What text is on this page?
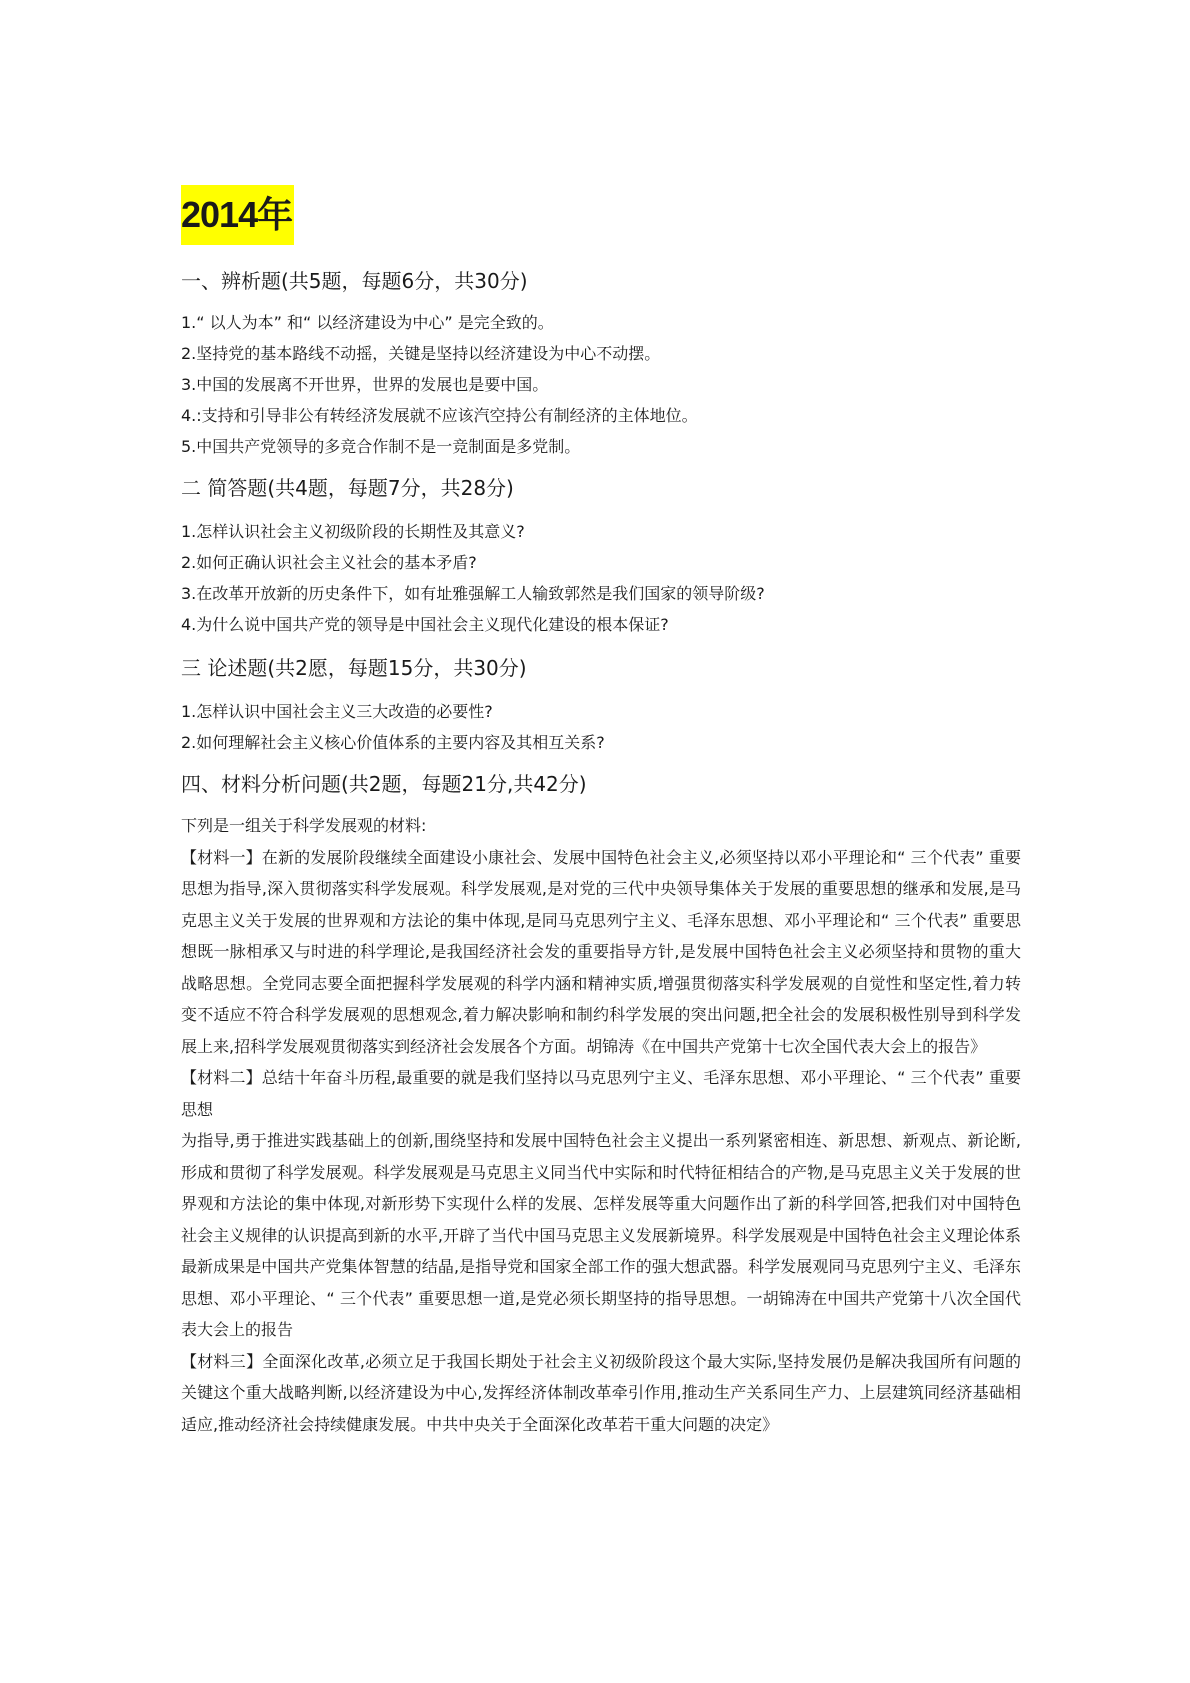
2014年
一、辨析题(共5题，每题6分，共30分)
1.“ 以人为本” 和“ 以经济建设为中心” 是完全致的。
2.坚持党的基本路线不动摇，关键是坚持以经济建设为中心不动摆。
3.中国的发展离不开世界，世界的发展也是要中国。
4.:支持和引导非公有转经济发展就不应该汽空持公有制经济的主体地位。
5.中国共产党领导的多竞合作制不是一竞制面是多党制。
二 简答题(共4题，每题7分，共28分)
1.怎样认识社会主义初级阶段的长期性及其意义?
2.如何正确认识社会主义社会的基本矛盾?
3.在改革开放新的历史条件下，如有址雅强解工人输致郭然是我们国家的领导阶级?
4.为什么说中国共产党的领导是中国社会主义现代化建设的根本保证?
三 论述题(共2愿，每题15分，共30分)
1.怎样认识中国社会主义三大改造的必要性?
2.如何理解社会主义核心价值体系的主要内容及其相互关系?
四、材料分析问题(共2题，每题21分,共42分)

下列是一组关于科学发展观的材料:

【材料一】在新的发展阶段继续全面建设小康社会、发展中国特色社会主义,必须坚持以邓小平理论和“ 三个代表” 重要思想为指导,深入贯彻落实科学发展观。科学发展观,是对党的三代中央领导集体关于发展的重要思想的继承和发展,是马克思主义关于发展的世界观和方法论的集中体现,是同马克思列宁主义、毛泽东思想、邓小平理论和“ 三个代表” 重要思想既一脉相承又与时进的科学理论,是我国经济社会发的重要指导方针,是发展中国特色社会主义必须坚持和贯物的重大战略思想。全党同志要全面把握科学发展观的科学内涵和精神实质,增强贯彻落实科学发展观的自觉性和坚定性,着力转变不适应不符合科学发展观的思想观念,着力解决影响和制约科学发展的突出问题,把全社会的发展积极性别导到科学发展上来,招科学发展观贯彻落实到经济社会发展各个方面。胡锦涛《在中国共产党第十七次全国代表大会上的报告》

【材料二】总结十年奋斗历程,最重要的就是我们坚持以马克思列宁主义、毛泽东思想、邓小平理论、“ 三个代表” 重要思想

为指导,勇于推进实践基础上的创新,围绕坚持和发展中国特色社会主义提出一系列紧密相连、新思想、新观点、新论断,形成和贯彻了科学发展观。科学发展观是马克思主义同当代中实际和时代特征相结合的产物,是马克思主义关于发展的世界观和方法论的集中体现,对新形势下实现什么样的发展、怎样发展等重大问题作出了新的科学回答,把我们对中国特色社会主义规律的认识提高到新的水平,开辟了当代中国马克思主义发展新境界。科学发展观是中国特色社会主义理论体系最新成果是中国共产党集体智慧的结晶,是指导党和国家全部工作的强大想武器。科学发展观同马克思列宁主义、毛泽东思想、邓小平理论、“ 三个代表” 重要思想一道,是党必须长期坚持的指导思想。一胡锦涛在中国共产党第十八次全国代表大会上的报告

【材料三】全面深化改革,必须立足于我国长期处于社会主义初级阶段这个最大实际,坚持发展仍是解决我国所有问题的关键这个重大战略判断,以经济建设为中心,发挥经济体制改革牵引作用,推动生产关系同生产力、上层建筑同经济基础相适应,推动经济社会持续健康发展。中共中央关于全面深化改革若干重大问题的决定》
